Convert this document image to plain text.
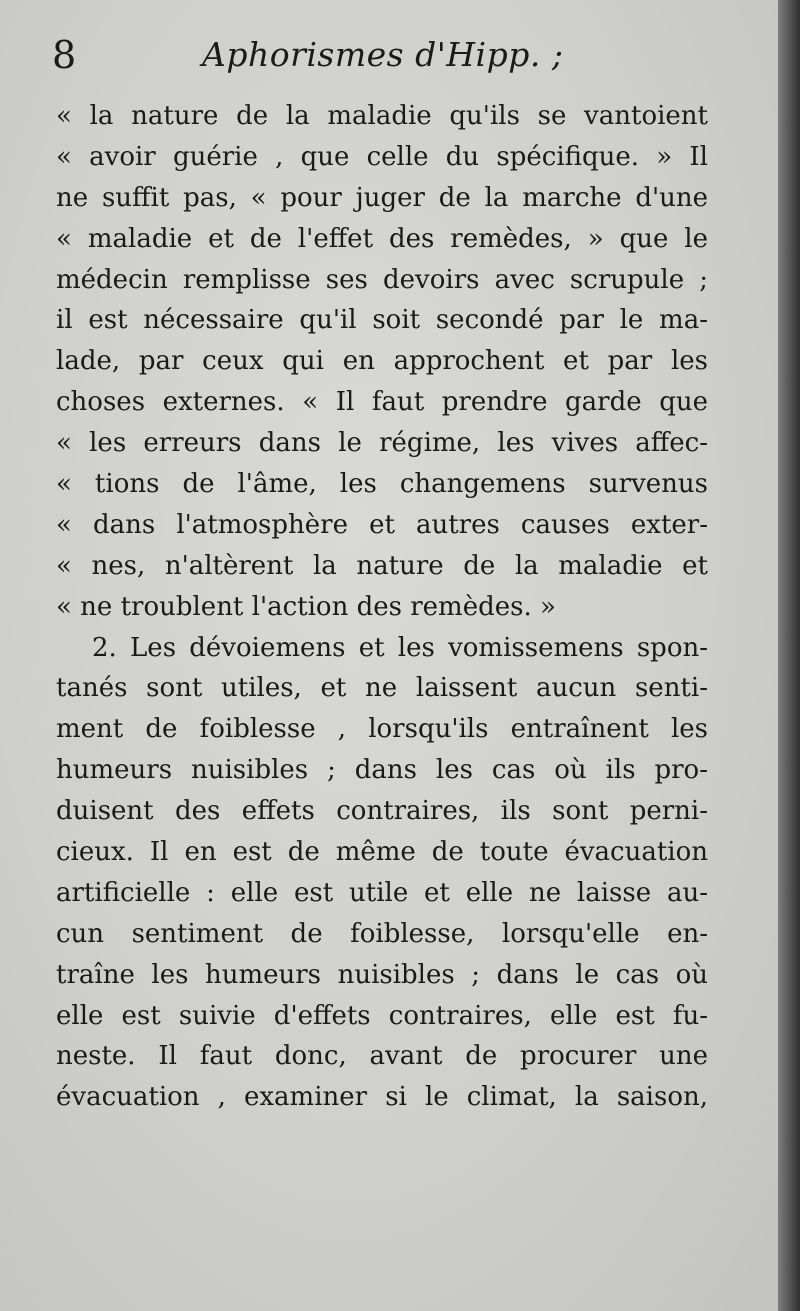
8	Aphorismes d'Hipp. ;
« la nature de la maladie qu'ils se vantoient
« avoir guérie , que celle du spécifique. » Il
ne suffit pas, « pour juger de la marche d'une
« maladie et de l'effet des remèdes, » que le
médecin remplisse ses devoirs avec scrupule ;
il est nécessaire qu'il soit secondé par le ma-
lade, par ceux qui en approchent et par les
choses externes. « Il faut prendre garde que
« les erreurs dans le régime, les vives affec-
« tions de l'âme, les changemens survenus
« dans l'atmosphère et autres causes exter-
« nes, n'altèrent la nature de la maladie et
« ne troublent l'action des remèdes. »
2. Les dévoiemens et les vomissemens spon-
tanés sont utiles, et ne laissent aucun senti-
ment de foiblesse , lorsqu'ils entraînent les
humeurs nuisibles ; dans les cas où ils pro-
duisent des effets contraires, ils sont perni-
cieux. Il en est de même de toute évacuation
artificielle : elle est utile et elle ne laisse au-
cun sentiment de foiblesse, lorsqu'elle en-
traîne les humeurs nuisibles ; dans le cas où
elle est suivie d'effets contraires, elle est fu-
neste. Il faut donc, avant de procurer une
évacuation , examiner si le climat, la saison,
